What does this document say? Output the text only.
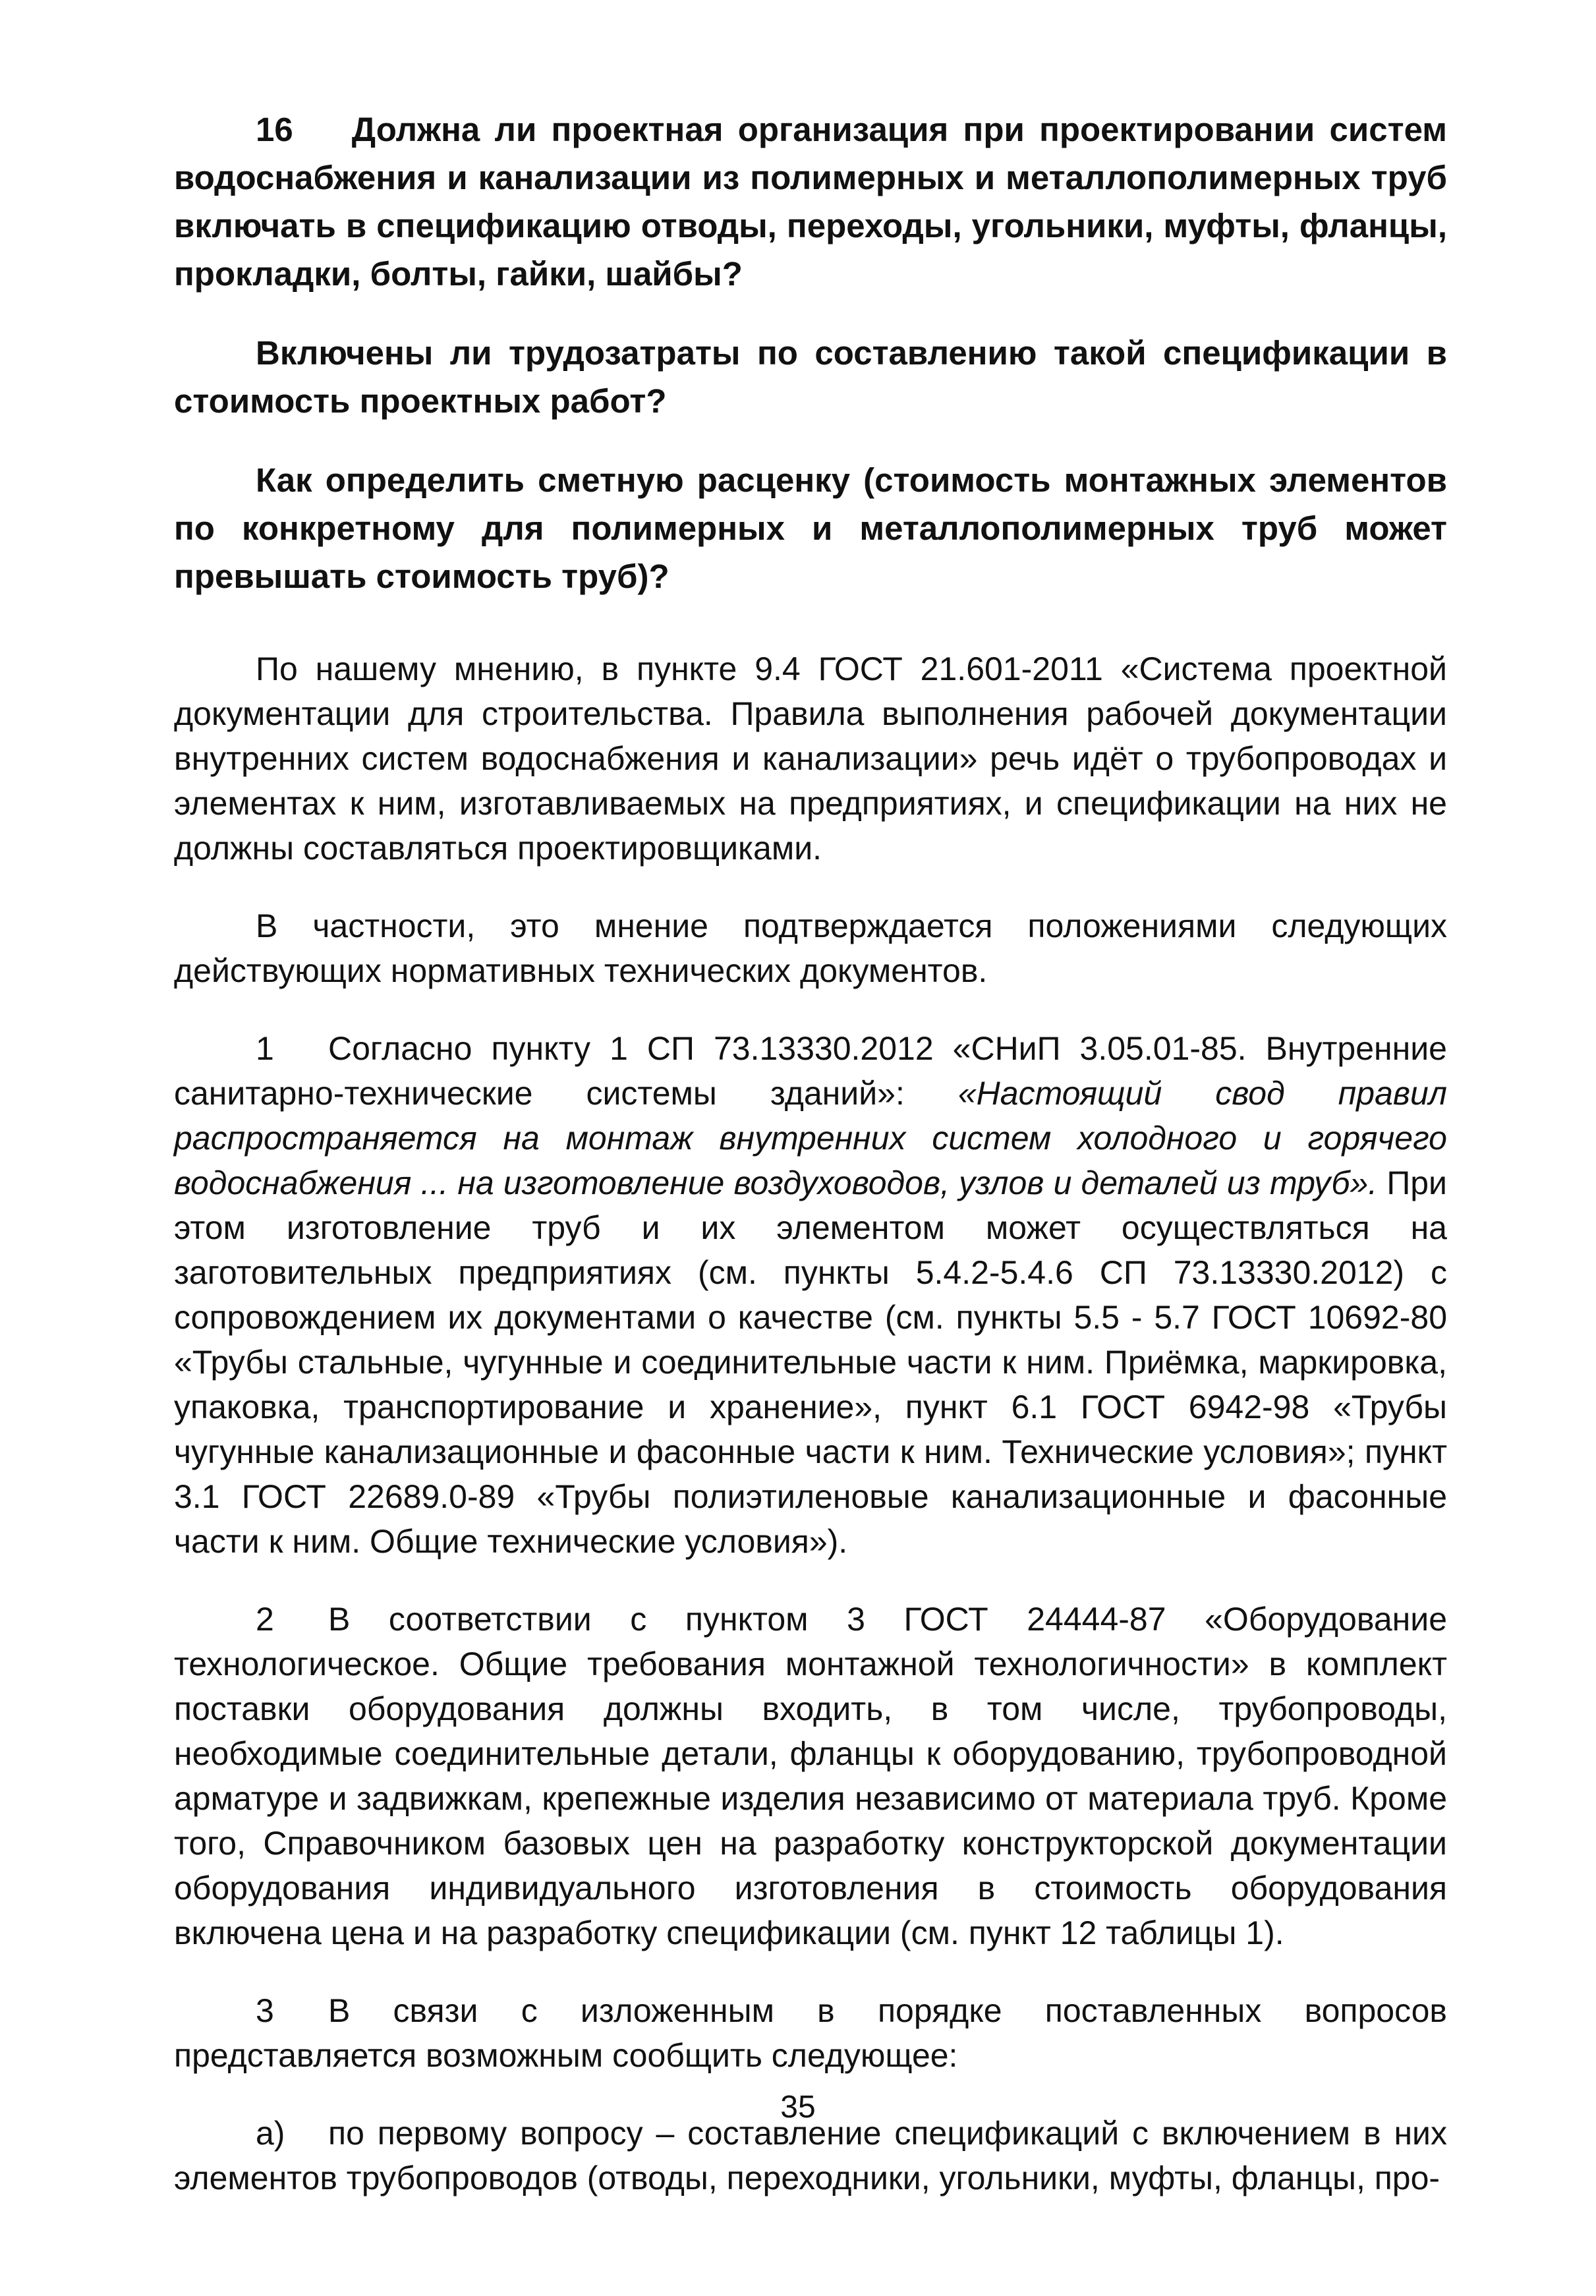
16 Должна ли проектная организация при проектировании систем водоснабжения и канализации из полимерных и металлополимерных труб включать в спецификацию отводы, переходы, угольники, муфты, фланцы, прокладки, болты, гайки, шайбы?

Включены ли трудозатраты по составлению такой спецификации в стоимость проектных работ?

Как определить сметную расценку (стоимость монтажных элементов по конкретному для полимерных и металлополимерных труб может превышать стоимость труб)?

По нашему мнению, в пункте 9.4 ГОСТ 21.601-2011 «Система проектной документации для строительства. Правила выполнения рабочей документации внутренних систем водоснабжения и канализации» речь идёт о трубопроводах и элементах к ним, изготавливаемых на предприятиях, и спецификации на них не должны составляться проектировщиками.

В частности, это мнение подтверждается положениями следующих действующих нормативных технических документов.

1 Согласно пункту 1 СП 73.13330.2012 «СНиП 3.05.01-85. Внутренние санитарно-технические системы зданий»: «Настоящий свод правил распространяется на монтаж внутренних систем холодного и горячего водоснабжения ... на изготовление воздуховодов, узлов и деталей из труб». При этом изготовление труб и их элементом может осуществляться на заготовительных предприятиях (см. пункты 5.4.2-5.4.6 СП 73.13330.2012) с сопровождением их документами о качестве (см. пункты 5.5 - 5.7 ГОСТ 10692-80 «Трубы стальные, чугунные и соединительные части к ним. Приёмка, маркировка, упаковка, транспортирование и хранение», пункт 6.1 ГОСТ 6942-98 «Трубы чугунные канализационные и фасонные части к ним. Технические условия»; пункт 3.1 ГОСТ 22689.0-89 «Трубы полиэтиленовые канализационные и фасонные части к ним. Общие технические условия»).

2 В соответствии с пунктом 3 ГОСТ 24444-87 «Оборудование технологическое. Общие требования монтажной технологичности» в комплект поставки оборудования должны входить, в том числе, трубопроводы, необходимые соединительные детали, фланцы к оборудованию, трубопроводной арматуре и задвижкам, крепежные изделия независимо от материала труб. Кроме того, Справочником базовых цен на разработку конструкторской документации оборудования индивидуального изготовления в стоимость оборудования включена цена и на разработку спецификации (см. пункт 12 таблицы 1).

3 В связи с изложенным в порядке поставленных вопросов представляется возможным сообщить следующее:

а) по первому вопросу – составление спецификаций с включением в них элементов трубопроводов (отводы, переходники, угольники, муфты, фланцы, про-

35
